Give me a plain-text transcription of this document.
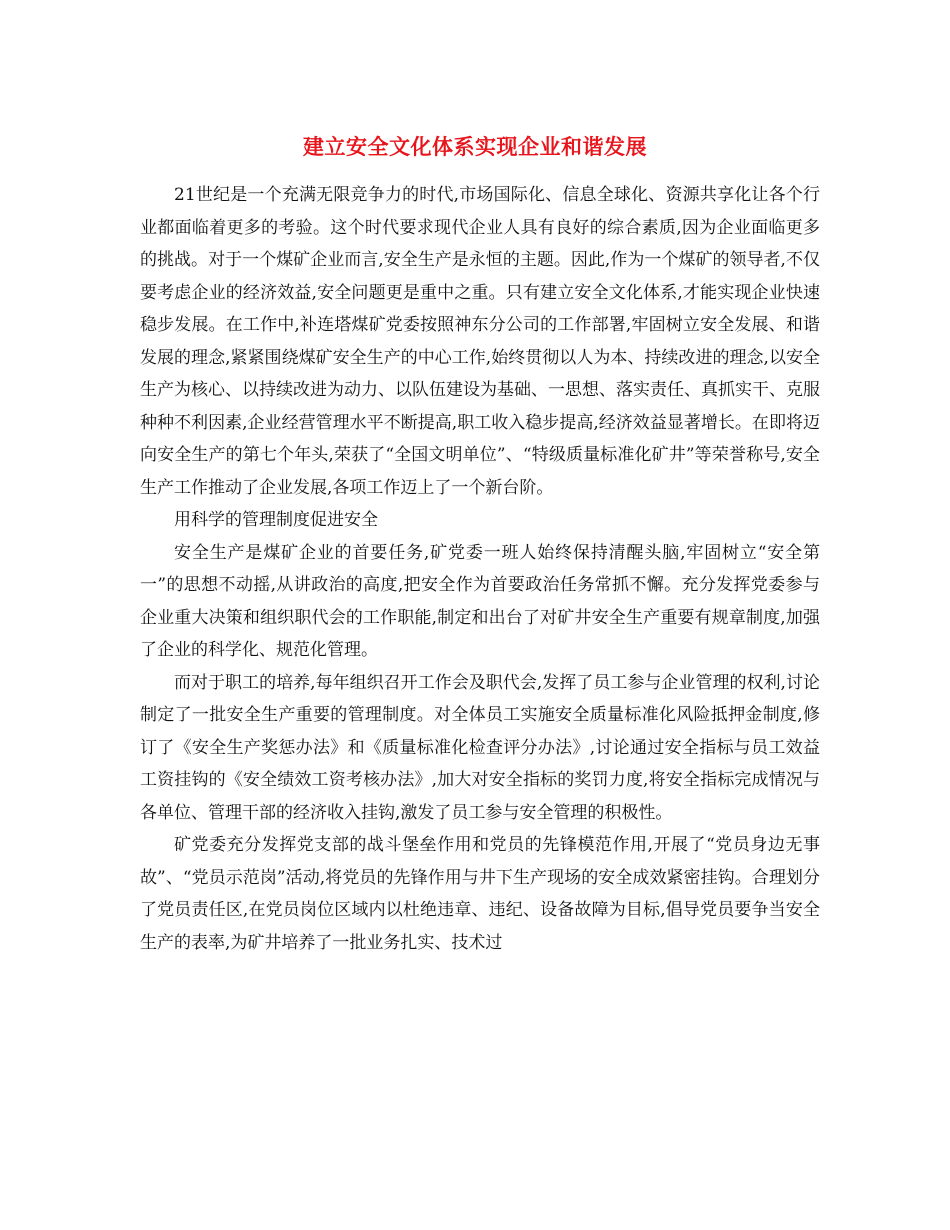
建立安全文化体系实现企业和谐发展

21世纪是一个充满无限竞争力的时代,市场国际化、信息全球化、资源共享化让各个行业都面临着更多的考验。这个时代要求现代企业人具有良好的综合素质,因为企业面临更多的挑战。对于一个煤矿企业而言,安全生产是永恒的主题。因此,作为一个煤矿的领导者,不仅要考虑企业的经济效益,安全问题更是重中之重。只有建立安全文化体系,才能实现企业快速稳步发展。在工作中,补连塔煤矿党委按照神东分公司的工作部署,牢固树立安全发展、和谐发展的理念,紧紧围绕煤矿安全生产的中心工作,始终贯彻以人为本、持续改进的理念,以安全生产为核心、以持续改进为动力、以队伍建设为基础、一思想、落实责任、真抓实干、克服种种不利因素,企业经营管理水平不断提高,职工收入稳步提高,经济效益显著增长。在即将迈向安全生产的第七个年头,荣获了“全国文明单位”、“特级质量标准化矿井”等荣誉称号,安全生产工作推动了企业发展,各项工作迈上了一个新台阶。

用科学的管理制度促进安全

安全生产是煤矿企业的首要任务,矿党委一班人始终保持清醒头脑,牢固树立“安全第一”的思想不动摇,从讲政治的高度,把安全作为首要政治任务常抓不懈。充分发挥党委参与企业重大决策和组织职代会的工作职能,制定和出台了对矿井安全生产重要有规章制度,加强了企业的科学化、规范化管理。

而对于职工的培养,每年组织召开工作会及职代会,发挥了员工参与企业管理的权利,讨论制定了一批安全生产重要的管理制度。对全体员工实施安全质量标准化风险抵押金制度,修订了《安全生产奖惩办法》和《质量标准化检查评分办法》,讨论通过安全指标与员工效益工资挂钩的《安全绩效工资考核办法》,加大对安全指标的奖罚力度,将安全指标完成情况与各单位、管理干部的经济收入挂钩,激发了员工参与安全管理的积极性。

矿党委充分发挥党支部的战斗堡垒作用和党员的先锋模范作用,开展了“党员身边无事故”、“党员示范岗”活动,将党员的先锋作用与井下生产现场的安全成效紧密挂钩。合理划分了党员责任区,在党员岗位区域内以杜绝违章、违纪、设备故障为目标,倡导党员要争当安全生产的表率,为矿井培养了一批业务扎实、技术过
